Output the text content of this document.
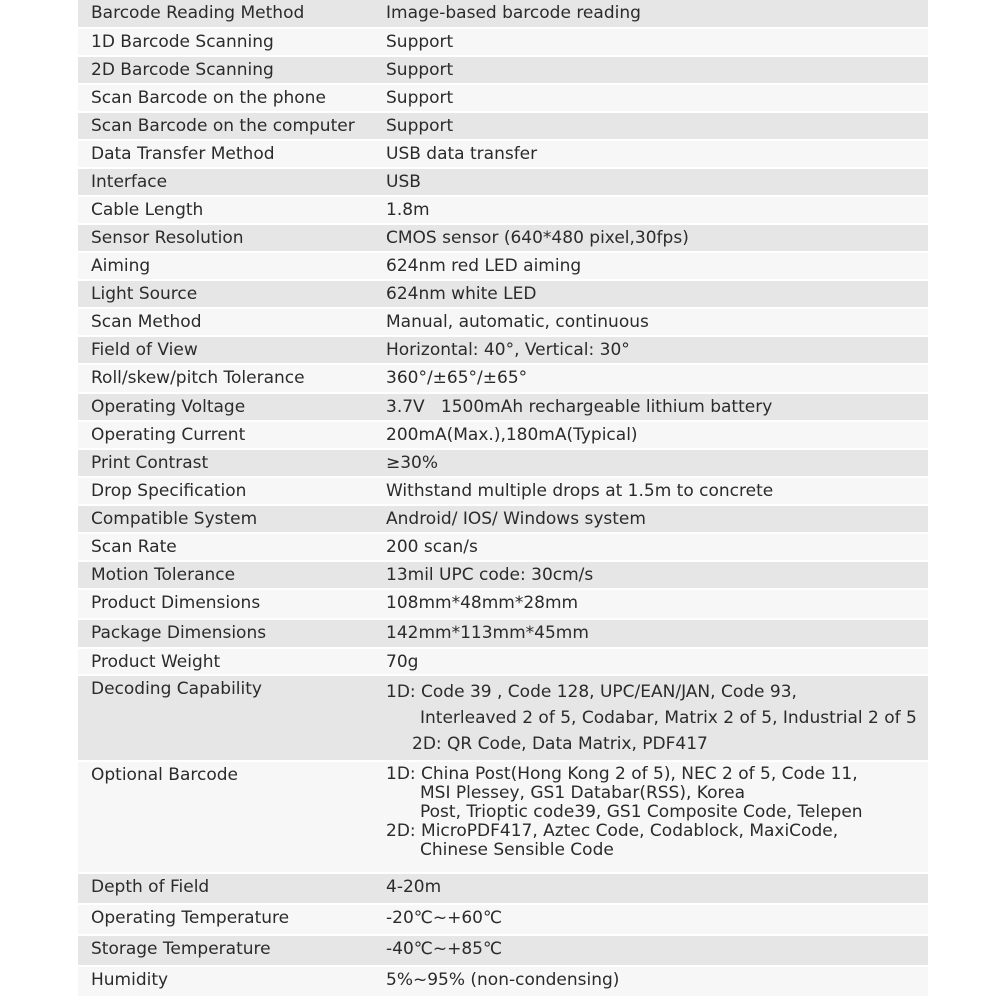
Barcode Reading Method	Image-based barcode reading
1D Barcode Scanning	Support
2D Barcode Scanning	Support
Scan Barcode on the phone	Support
Scan Barcode on the computer	Support
Data Transfer Method	USB data transfer
Interface	USB
Cable Length	1.8m
Sensor Resolution	CMOS sensor (640*480 pixel,30fps)
Aiming	624nm red LED aiming
Light Source	624nm white LED
Scan Method	Manual, automatic, continuous
Field of View	Horizontal: 40°, Vertical: 30°
Roll/skew/pitch Tolerance	360°/±65°/±65°
Operating Voltage	3.7V   1500mAh rechargeable lithium battery
Operating Current	200mA(Max.),180mA(Typical)
Print Contrast	≥30%
Drop Specification	Withstand multiple drops at 1.5m to concrete
Compatible System	Android/ IOS/ Windows system
Scan Rate	200 scan/s
Motion Tolerance	13mil UPC code: 30cm/s
Product Dimensions	108mm*48mm*28mm
Package Dimensions	142mm*113mm*45mm
Product Weight	70g
Decoding Capability	1D: Code 39 , Code 128, UPC/EAN/JAN, Code 93,
Interleaved 2 of 5, Codabar, Matrix 2 of 5, Industrial 2 of 5
2D: QR Code, Data Matrix, PDF417

Optional Barcode	1D: China Post(Hong Kong 2 of 5), NEC 2 of 5, Code 11,
MSI Plessey, GS1 Databar(RSS), Korea
Post, Trioptic code39, GS1 Composite Code, Telepen
2D: MicroPDF417, Aztec Code, Codablock, MaxiCode,
Chinese Sensible Code

Depth of Field	4-20m
Operating Temperature	-20℃~+60℃
Storage Temperature	-40℃~+85℃
Humidity	5%~95% (non-condensing)
